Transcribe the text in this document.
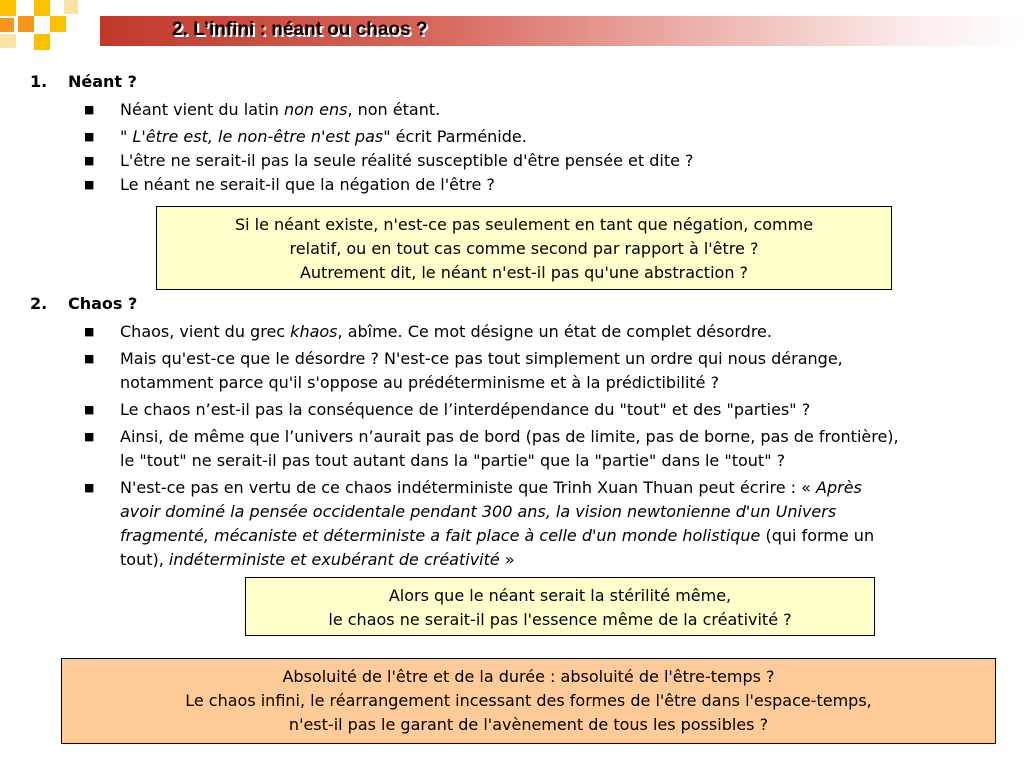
2. L’infini : néant ou chaos ?
1. Néant ?
■ Néant vient du latin non ens, non étant.
■ " L'être est, le non-être n'est pas" écrit Parménide.
■ L'être ne serait-il pas la seule réalité susceptible d'être pensée et dite ?
■ Le néant ne serait-il que la négation de l'être ?
Si le néant existe, n'est-ce pas seulement en tant que négation, comme
relatif, ou en tout cas comme second par rapport à l'être ?
Autrement dit, le néant n'est-il pas qu'une abstraction ?
2. Chaos ?
■ Chaos, vient du grec khaos, abîme. Ce mot désigne un état de complet désordre.
■ Mais qu'est-ce que le désordre ? N'est-ce pas tout simplement un ordre qui nous dérange,
notamment parce qu'il s'oppose au prédéterminisme et à la prédictibilité ?
■ Le chaos n’est-il pas la conséquence de l’interdépendance du "tout" et des "parties" ?
■ Ainsi, de même que l’univers n’aurait pas de bord (pas de limite, pas de borne, pas de frontière),
le "tout" ne serait-il pas tout autant dans la "partie" que la "partie" dans le "tout" ?
■ N'est-ce pas en vertu de ce chaos indéterministe que Trinh Xuan Thuan peut écrire : « Après
avoir dominé la pensée occidentale pendant 300 ans, la vision newtonienne d'un Univers
fragmenté, mécaniste et déterministe a fait place à celle d'un monde holistique (qui forme un
tout), indéterministe et exubérant de créativité »
Alors que le néant serait la stérilité même,
le chaos ne serait-il pas l'essence même de la créativité ?
Absoluité de l'être et de la durée : absoluité de l'être-temps ?
Le chaos infini, le réarrangement incessant des formes de l'être dans l'espace-temps,
n'est-il pas le garant de l'avènement de tous les possibles ?
